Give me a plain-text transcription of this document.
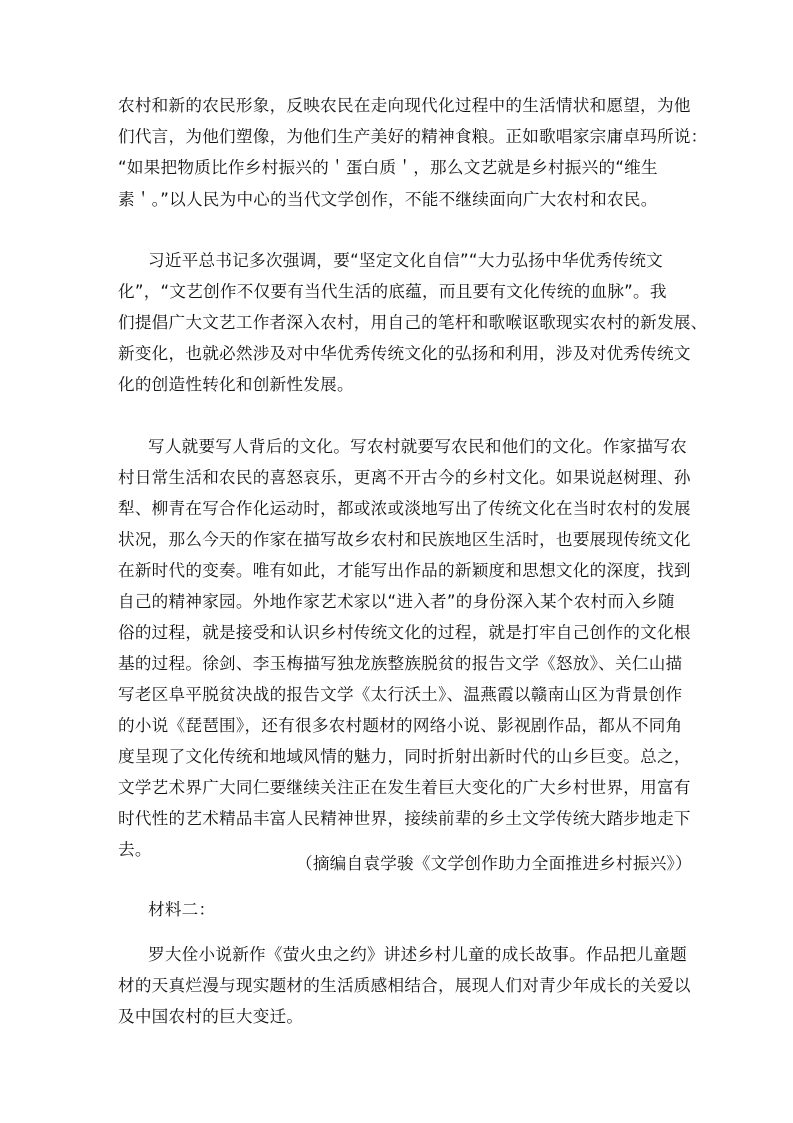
农村和新的农民形象，反映农民在走向现代化过程中的生活情状和愿望，为他
们代言，为他们塑像，为他们生产美好的精神食粮。正如歌唱家宗庸卓玛所说：
“如果把物质比作乡村振兴的＇蛋白质＇，那么文艺就是乡村振兴的“维生
素＇。”以人民为中心的当代文学创作，不能不继续面向广大农村和农民。
习近平总书记多次强调，要“坚定文化自信”“大力弘扬中华优秀传统文
化”，“文艺创作不仅要有当代生活的底蕴，而且要有文化传统的血脉”。我
们提倡广大文艺工作者深入农村，用自己的笔杆和歌喉讴歌现实农村的新发展、
新变化，也就必然涉及对中华优秀传统文化的弘扬和利用，涉及对优秀传统文
化的创造性转化和创新性发展。
写人就要写人背后的文化。写农村就要写农民和他们的文化。作家描写农
村日常生活和农民的喜怒哀乐，更离不开古今的乡村文化。如果说赵树理、孙
犁、柳青在写合作化运动时，都或浓或淡地写出了传统文化在当时农村的发展
状况，那么今天的作家在描写故乡农村和民族地区生活时，也要展现传统文化
在新时代的变奏。唯有如此，才能写出作品的新颖度和思想文化的深度，找到
自己的精神家园。外地作家艺术家以“进入者”的身份深入某个农村而入乡随
俗的过程，就是接受和认识乡村传统文化的过程，就是打牢自己创作的文化根
基的过程。徐剑、李玉梅描写独龙族整族脱贫的报告文学《怒放》、关仁山描
写老区阜平脱贫决战的报告文学《太行沃土》、温燕霞以赣南山区为背景创作
的小说《琵琶围》，还有很多农村题材的网络小说、影视剧作品，都从不同角
度呈现了文化传统和地域风情的魅力，同时折射出新时代的山乡巨变。总之，
文学艺术界广大同仁要继续关注正在发生着巨大变化的广大乡村世界，用富有
时代性的艺术精品丰富人民精神世界，接续前辈的乡土文学传统大踏步地走下
去。
（摘编自袁学骏《文学创作助力全面推进乡村振兴》）
材料二：
罗大佺小说新作《萤火虫之约》讲述乡村儿童的成长故事。作品把儿童题
材的天真烂漫与现实题材的生活质感相结合，展现人们对青少年成长的关爱以
及中国农村的巨大变迁。
